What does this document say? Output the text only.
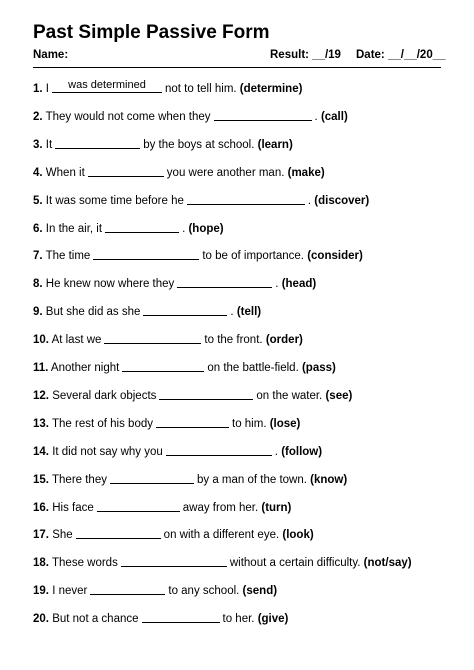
Past Simple Passive Form
Name:	Result: __/19 Date: __/__/20__
1. I	was determined	not to tell him. (determine)
2. They would not come when they	. (call)
3. It	by the boys at school. (learn)
4. When it	you were another man. (make)
5. It was some time before he	. (discover)
6. In the air, it	. (hope)
7. The time	to be of importance. (consider)
8. He knew now where they	. (head)
9. But she did as she	. (tell)
10. At last we	to the front. (order)
11. Another night	on the battle-field. (pass)
12. Several dark objects	on the water. (see)
13. The rest of his body	to him. (lose)
14. It did not say why you	. (follow)
15. There they	by a man of the town. (know)
16. His face	away from her. (turn)
17. She	on with a different eye. (look)
18. These words	without a certain difficulty. (not/say)
19. I never	to any school. (send)
20. But not a chance	to her. (give)
